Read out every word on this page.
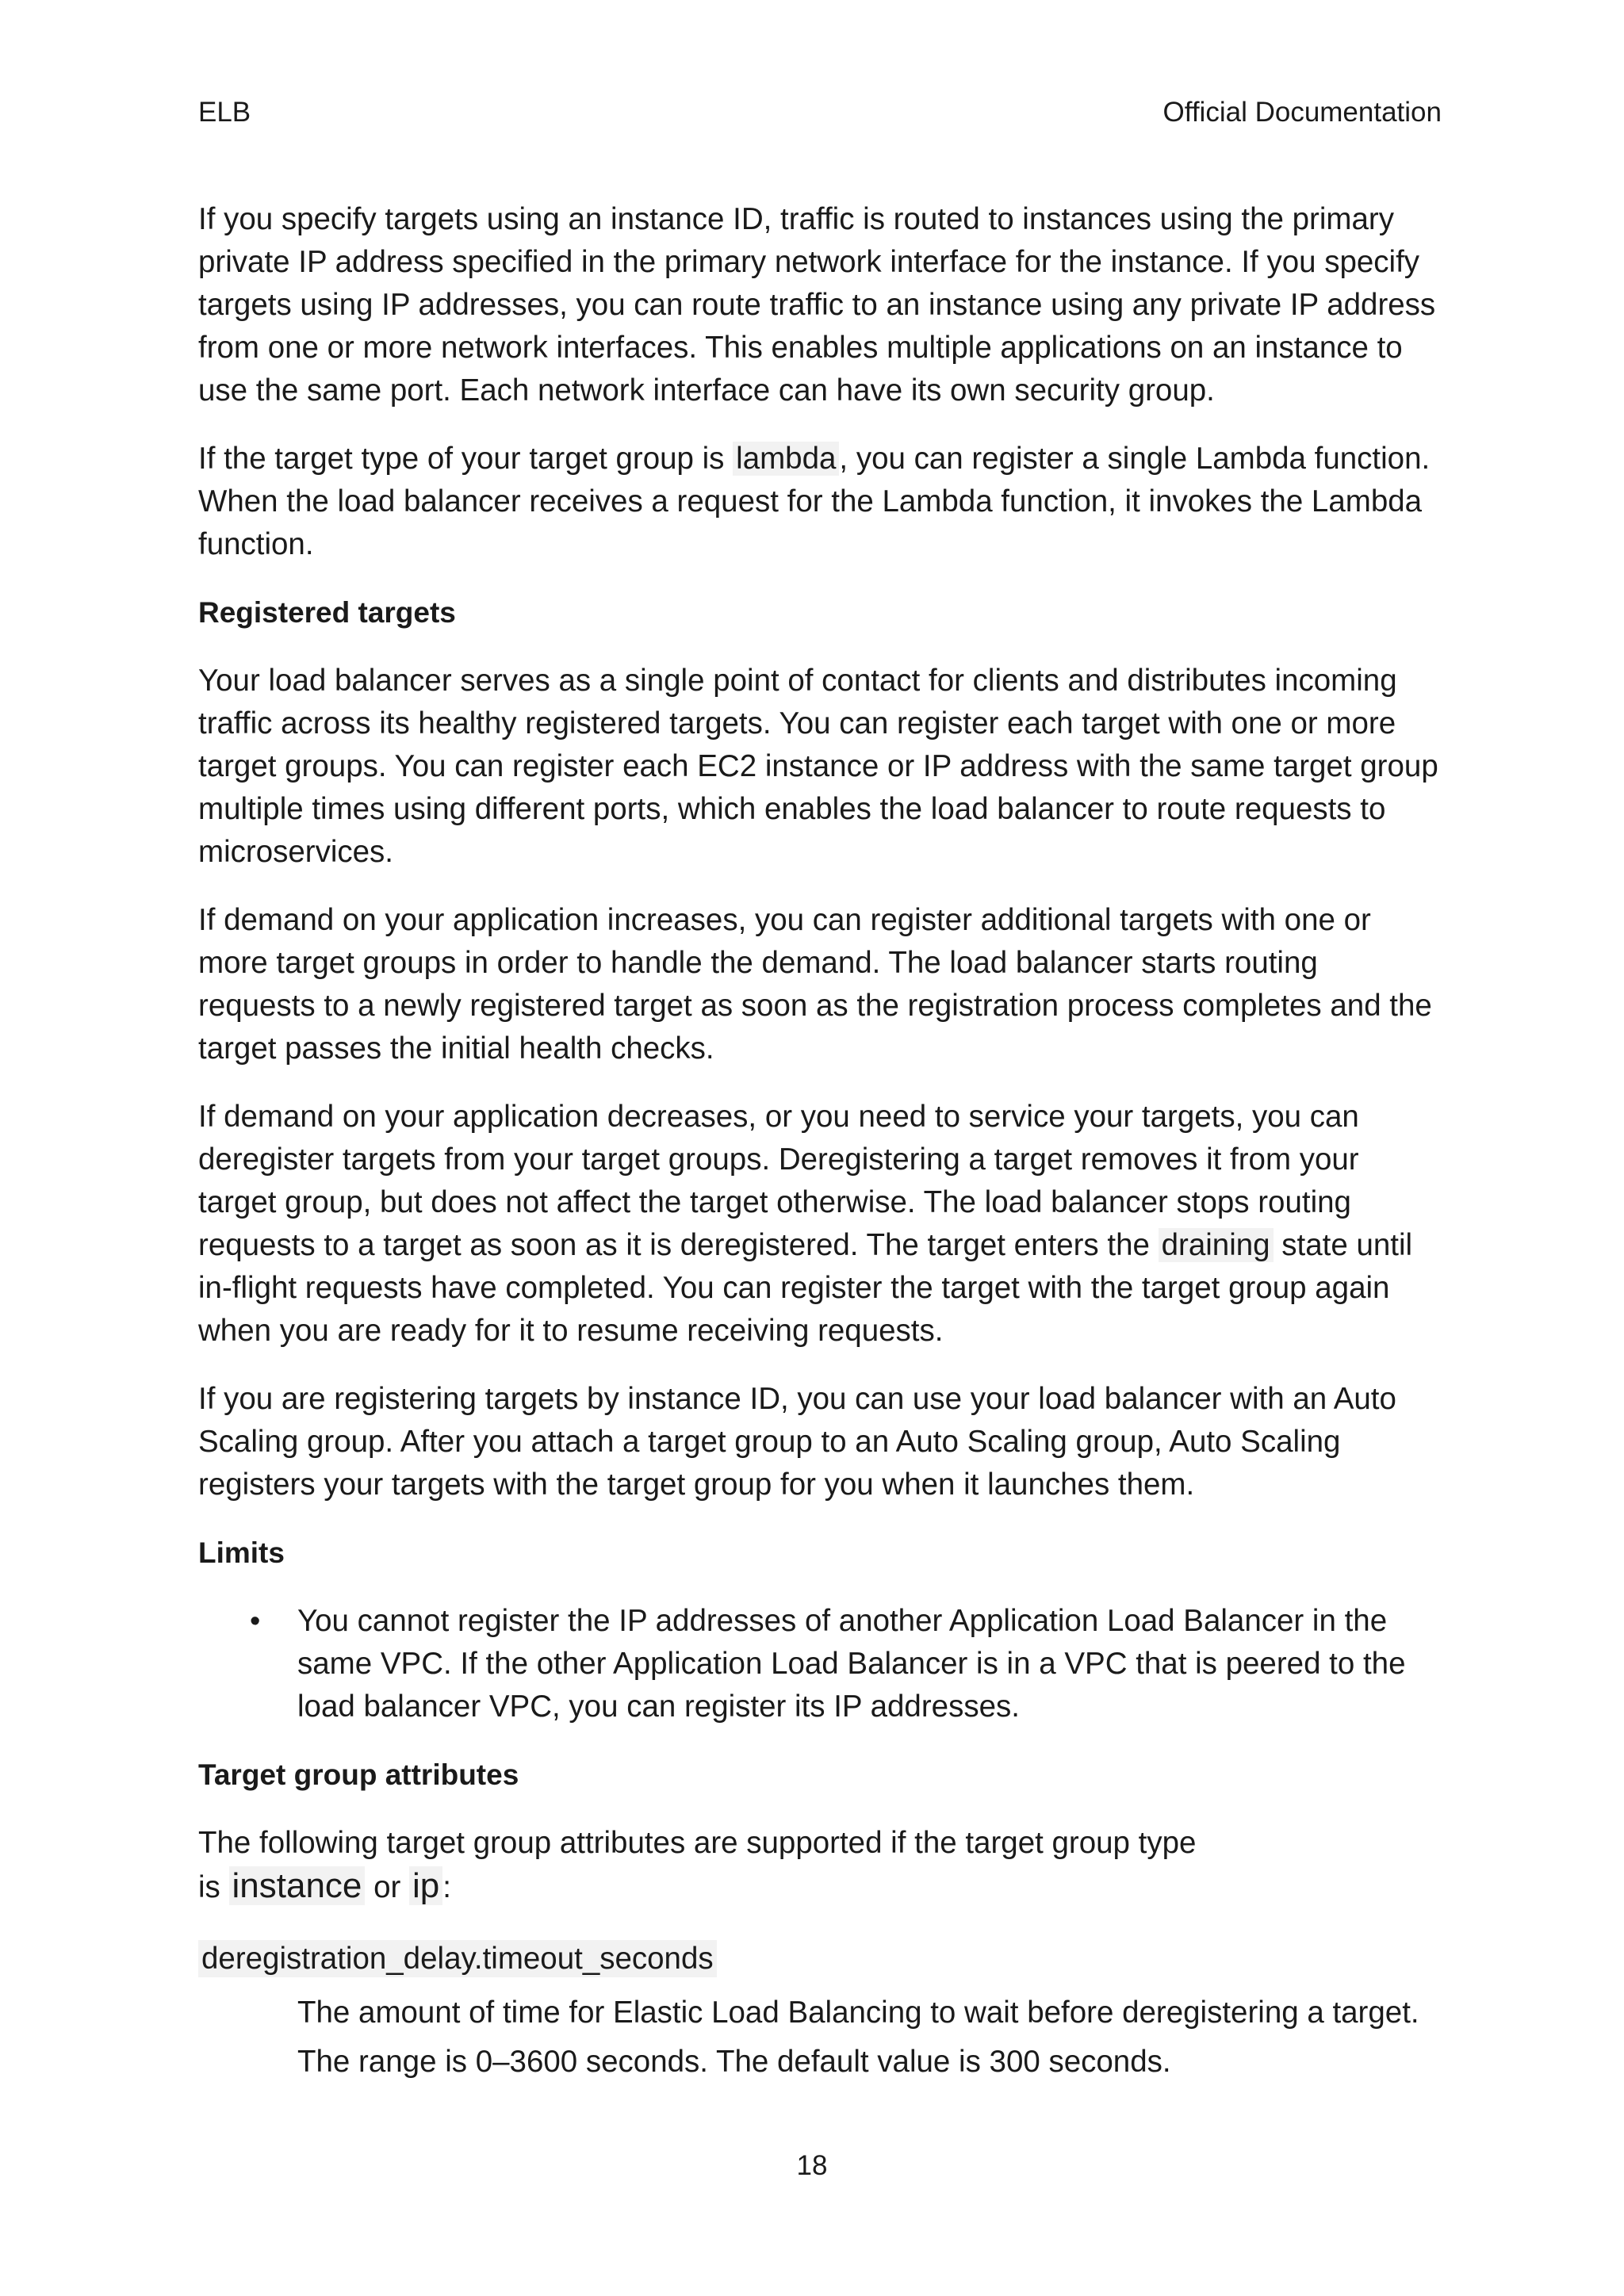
ELB	Official Documentation

If you specify targets using an instance ID, traffic is routed to instances using the primary private IP address specified in the primary network interface for the instance. If you specify targets using IP addresses, you can route traffic to an instance using any private IP address from one or more network interfaces. This enables multiple applications on an instance to use the same port. Each network interface can have its own security group.

If the target type of your target group is lambda , you can register a single Lambda function. When the load balancer receives a request for the Lambda function, it invokes the Lambda function.

Registered targets

Your load balancer serves as a single point of contact for clients and distributes incoming traffic across its healthy registered targets. You can register each target with one or more target groups. You can register each EC2 instance or IP address with the same target group multiple times using different ports, which enables the load balancer to route requests to microservices.

If demand on your application increases, you can register additional targets with one or more target groups in order to handle the demand. The load balancer starts routing requests to a newly registered target as soon as the registration process completes and the target passes the initial health checks.

If demand on your application decreases, or you need to service your targets, you can deregister targets from your target groups. Deregistering a target removes it from your target group, but does not affect the target otherwise. The load balancer stops routing requests to a target as soon as it is deregistered. The target enters the draining state until in-flight requests have completed. You can register the target with the target group again when you are ready for it to resume receiving requests.

If you are registering targets by instance ID, you can use your load balancer with an Auto Scaling group. After you attach a target group to an Auto Scaling group, Auto Scaling registers your targets with the target group for you when it launches them.

Limits
• You cannot register the IP addresses of another Application Load Balancer in the same VPC. If the other Application Load Balancer is in a VPC that is peered to the load balancer VPC, you can register its IP addresses.
Target group attributes

The following target group attributes are supported if the target group type
is instance or ip :

deregistration_delay.timeout_seconds

The amount of time for Elastic Load Balancing to wait before deregistering a target. The range is 0–3600 seconds. The default value is 300 seconds.

18
